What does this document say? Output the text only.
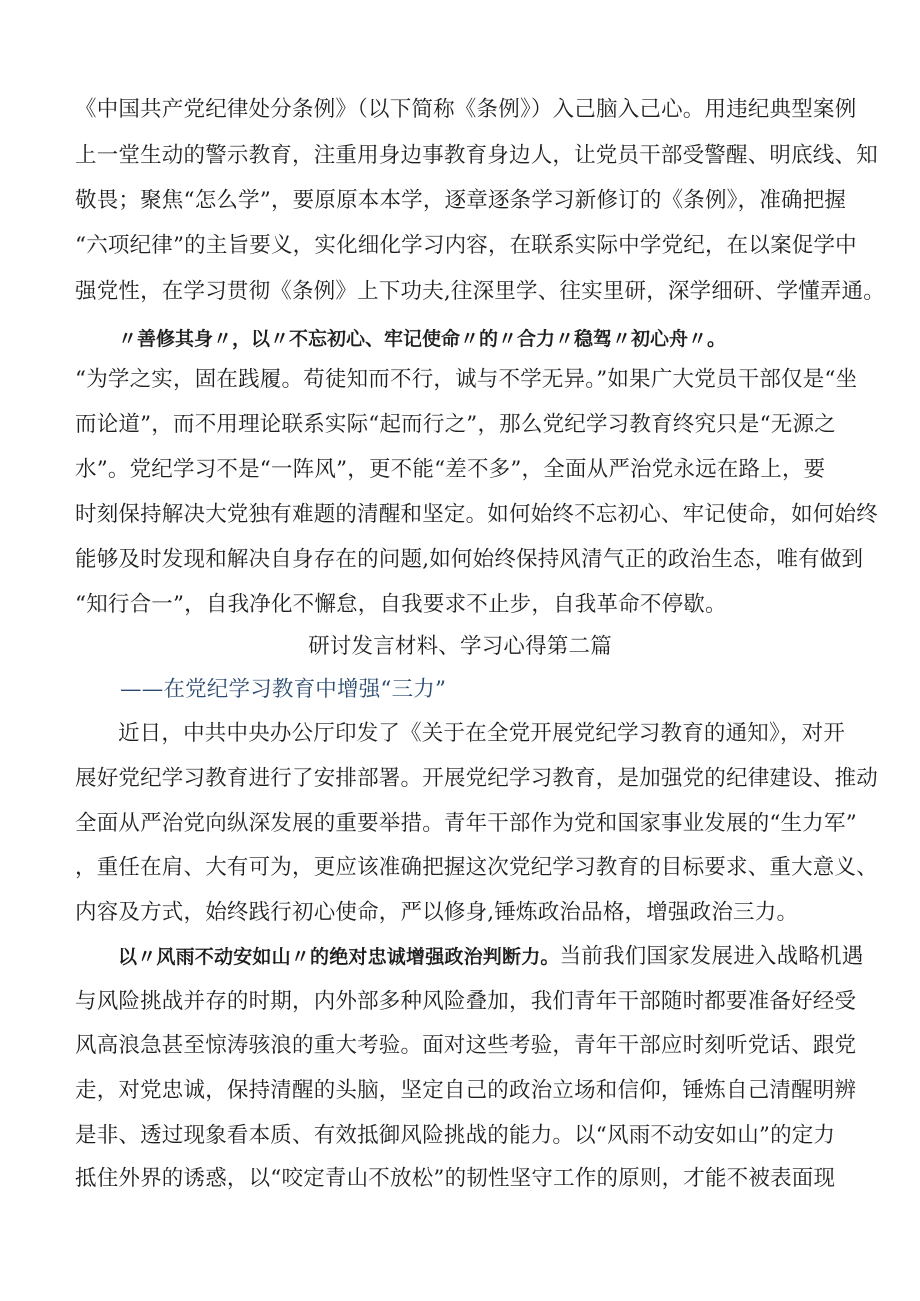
《中国共产党纪律处分条例》（以下简称《条例》）入己脑入己心。用违纪典型案例
上一堂生动的警示教育，注重用身边事教育身边人，让党员干部受警醒、明底线、知
敬畏；聚焦“怎么学”，要原原本本学，逐章逐条学习新修订的《条例》，准确把握
“六项纪律”的主旨要义，实化细化学习内容，在联系实际中学党纪，在以案促学中
强党性，在学习贯彻《条例》上下功夫,往深里学、往实里研，深学细研、学懂弄通。
〃善修其身〃，以〃不忘初心、牢记使命〃的〃合力〃稳驾〃初心舟〃。
“为学之实，固在践履。苟徒知而不行，诚与不学无异。”如果广大党员干部仅是“坐
而论道”，而不用理论联系实际“起而行之”，那么党纪学习教育终究只是“无源之
水”。党纪学习不是“一阵风”，更不能“差不多”，全面从严治党永远在路上，要
时刻保持解决大党独有难题的清醒和坚定。如何始终不忘初心、牢记使命，如何始终
能够及时发现和解决自身存在的问题,如何始终保持风清气正的政治生态，唯有做到
“知行合一”，自我净化不懈怠，自我要求不止步，自我革命不停歇。
研讨发言材料、学习心得第二篇
——在党纪学习教育中增强“三力”
近日，中共中央办公厅印发了《关于在全党开展党纪学习教育的通知》，对开
展好党纪学习教育进行了安排部署。开展党纪学习教育，是加强党的纪律建设、推动
全面从严治党向纵深发展的重要举措。青年干部作为党和国家事业发展的“生力军”
，重任在肩、大有可为，更应该准确把握这次党纪学习教育的目标要求、重大意义、
内容及方式，始终践行初心使命，严以修身,锤炼政治品格，增强政治三力。
以〃风雨不动安如山〃的绝对忠诚增强政治判断力。当前我们国家发展进入战略机遇
与风险挑战并存的时期，内外部多种风险叠加，我们青年干部随时都要准备好经受
风高浪急甚至惊涛骇浪的重大考验。面对这些考验，青年干部应时刻听党话、跟党
走，对党忠诚，保持清醒的头脑，坚定自己的政治立场和信仰，锤炼自己清醒明辨
是非、透过现象看本质、有效抵御风险挑战的能力。以“风雨不动安如山”的定力
抵住外界的诱惑，以“咬定青山不放松”的韧性坚守工作的原则，才能不被表面现
